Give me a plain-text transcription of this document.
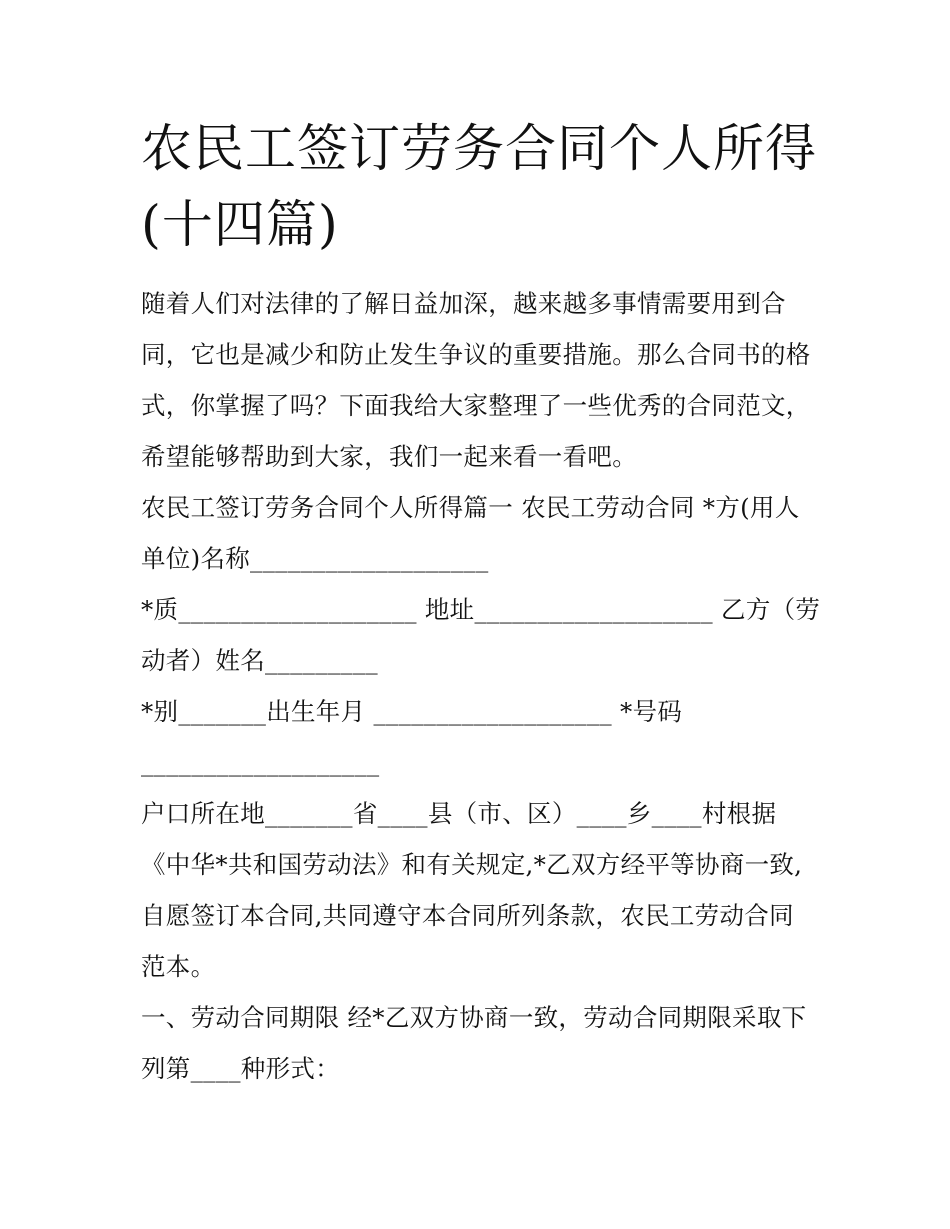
农民工签订劳务合同个人所得
(十四篇)
随着人们对法律的了解日益加深，越来越多事情需要用到合
同，它也是减少和防止发生争议的重要措施。那么合同书的格
式，你掌握了吗？下面我给大家整理了一些优秀的合同范文，
希望能够帮助到大家，我们一起来看一看吧。
农民工签订劳务合同个人所得篇一 农民工劳动合同 *方(用人
单位)名称___________________
*质___________________ 地址___________________ 乙方（劳
动者）姓名_________
*别_______出生年月 ___________________ *号码
___________________
户口所在地_______省____县（市、区）____乡____村根据
《中华*共和国劳动法》和有关规定,*乙双方经平等协商一致,
自愿签订本合同,共同遵守本合同所列条款，农民工劳动合同
范本。
一、劳动合同期限 经*乙双方协商一致，劳动合同期限采取下
列第____种形式：
